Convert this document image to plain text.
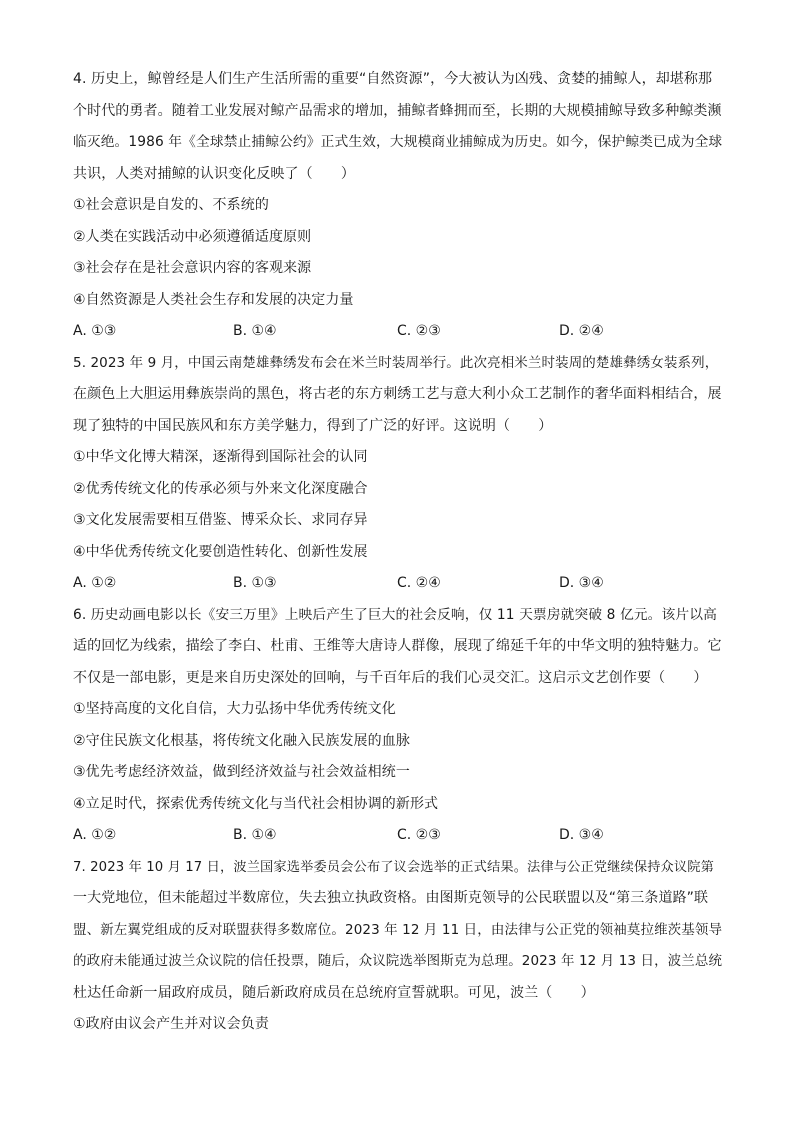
4. 历史上，鲸曾经是人们生产生活所需的重要“自然资源”，今大被认为凶残、贪婪的捕鲸人，却堪称那
个时代的勇者。随着工业发展对鲸产品需求的增加，捕鲸者蜂拥而至，长期的大规模捕鲸导致多种鲸类濒
临灭绝。1986 年《全球禁止捕鲸公约》正式生效，大规模商业捕鲸成为历史。如今，保护鲸类已成为全球
共识，人类对捕鲸的认识变化反映了（　　）
①社会意识是自发的、不系统的
②人类在实践活动中必须遵循适度原则
③社会存在是社会意识内容的客观来源
④自然资源是人类社会生存和发展的决定力量
A. ①③	B. ①④	C. ②③	D. ②④
5. 2023 年 9 月，中国云南楚雄彝绣发布会在米兰时装周举行。此次亮相米兰时装周的楚雄彝绣女装系列，
在颜色上大胆运用彝族崇尚的黑色，将古老的东方刺绣工艺与意大利小众工艺制作的奢华面料相结合，展
现了独特的中国民族风和东方美学魅力，得到了广泛的好评。这说明（　　）
①中华文化博大精深，逐渐得到国际社会的认同
②优秀传统文化的传承必须与外来文化深度融合
③文化发展需要相互借鉴、博采众长、求同存异
④中华优秀传统文化要创造性转化、创新性发展
A. ①②	B. ①③	C. ②④	D. ③④
6. 历史动画电影以长《安三万里》上映后产生了巨大的社会反响，仅 11 天票房就突破 8 亿元。该片以高
适的回忆为线索，描绘了李白、杜甫、王维等大唐诗人群像，展现了绵延千年的中华文明的独特魅力。它
不仅是一部电影，更是来自历史深处的回响，与千百年后的我们心灵交汇。这启示文艺创作要（　　）
①坚持高度的文化自信，大力弘扬中华优秀传统文化
②守住民族文化根基，将传统文化融入民族发展的血脉
③优先考虑经济效益，做到经济效益与社会效益相统一
④立足时代，探索优秀传统文化与当代社会相协调的新形式
A. ①②	B. ①④	C. ②③	D. ③④
7. 2023 年 10 月 17 日，波兰国家选举委员会公布了议会选举的正式结果。法律与公正党继续保持众议院第
一大党地位，但未能超过半数席位，失去独立执政资格。由图斯克领导的公民联盟以及“第三条道路”联
盟、新左翼党组成的反对联盟获得多数席位。2023 年 12 月 11 日，由法律与公正党的领袖莫拉维茨基领导
的政府未能通过波兰众议院的信任投票，随后，众议院选举图斯克为总理。2023 年 12 月 13 日，波兰总统
杜达任命新一届政府成员，随后新政府成员在总统府宣誓就职。可见，波兰（　　）
①政府由议会产生并对议会负责
